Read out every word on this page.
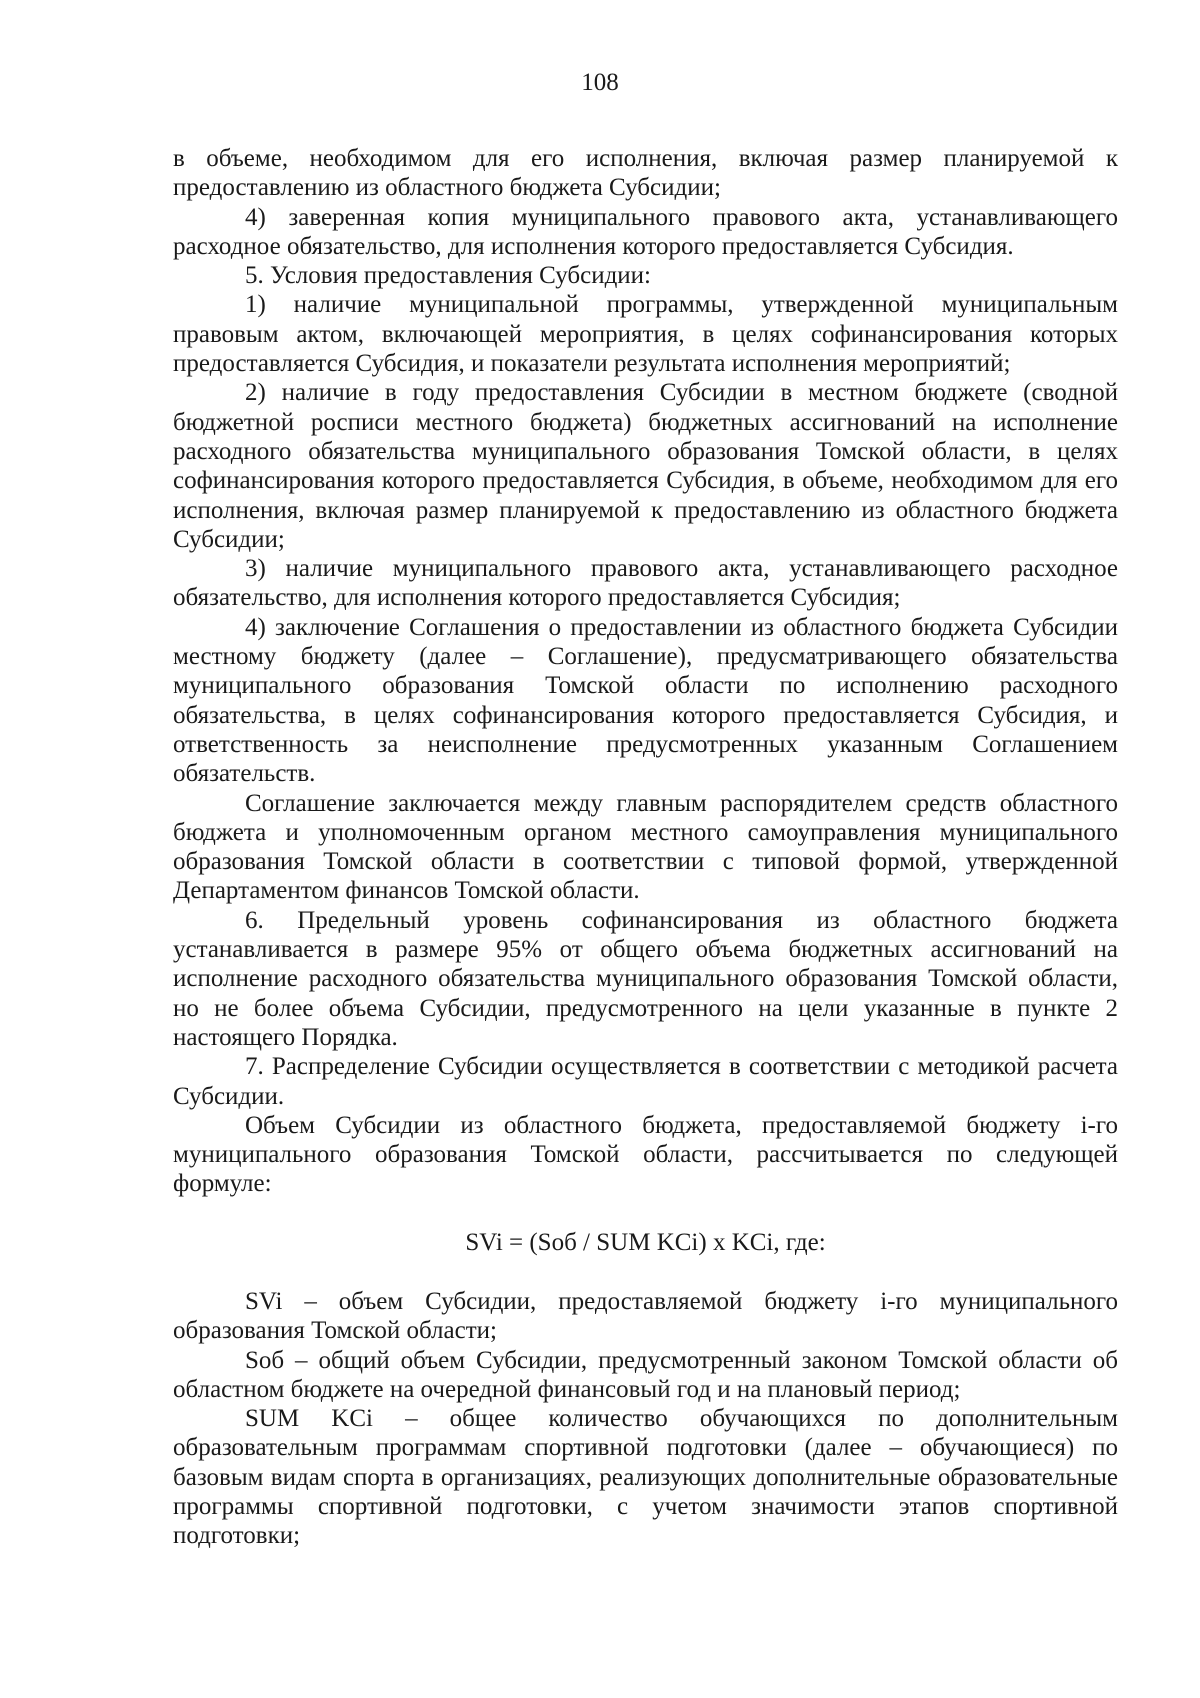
108

в объеме, необходимом для его исполнения, включая размер планируемой к предоставлению из областного бюджета Субсидии;

4) заверенная копия муниципального правового акта, устанавливающего расходное обязательство, для исполнения которого предоставляется Субсидия.

5. Условия предоставления Субсидии:

1) наличие муниципальной программы, утвержденной муниципальным правовым актом, включающей мероприятия, в целях софинансирования которых предоставляется Субсидия, и показатели результата исполнения мероприятий;

2) наличие в году предоставления Субсидии в местном бюджете (сводной бюджетной росписи местного бюджета) бюджетных ассигнований на исполнение расходного обязательства муниципального образования Томской области, в целях софинансирования которого предоставляется Субсидия, в объеме, необходимом для его исполнения, включая размер планируемой к предоставлению из областного бюджета Субсидии;

3) наличие муниципального правового акта, устанавливающего расходное обязательство, для исполнения которого предоставляется Субсидия;

4) заключение Соглашения о предоставлении из областного бюджета Субсидии местному бюджету (далее – Соглашение), предусматривающего обязательства муниципального образования Томской области по исполнению расходного обязательства, в целях софинансирования которого предоставляется Субсидия, и ответственность за неисполнение предусмотренных указанным Соглашением обязательств.

Соглашение заключается между главным распорядителем средств областного бюджета и уполномоченным органом местного самоуправления муниципального образования Томской области в соответствии с типовой формой, утвержденной Департаментом финансов Томской области.

6. Предельный уровень софинансирования из областного бюджета устанавливается в размере 95% от общего объема бюджетных ассигнований на исполнение расходного обязательства муниципального образования Томской области, но не более объема Субсидии, предусмотренного на цели указанные в пункте 2 настоящего Порядка.

7. Распределение Субсидии осуществляется в соответствии с методикой расчета Субсидии.

Объем Субсидии из областного бюджета, предоставляемой бюджету i-го муниципального образования Томской области, рассчитывается по следующей формуле:

SVi = (Sоб / SUM KCi) x KCi, где:

SVi – объем Субсидии, предоставляемой бюджету i-го муниципального образования Томской области;

Sоб – общий объем Субсидии, предусмотренный законом Томской области об областном бюджете на очередной финансовый год и на плановый период;

SUM KCi – общее количество обучающихся по дополнительным образовательным программам спортивной подготовки (далее – обучающиеся) по базовым видам спорта в организациях, реализующих дополнительные образовательные программы спортивной подготовки, с учетом значимости этапов спортивной подготовки;
